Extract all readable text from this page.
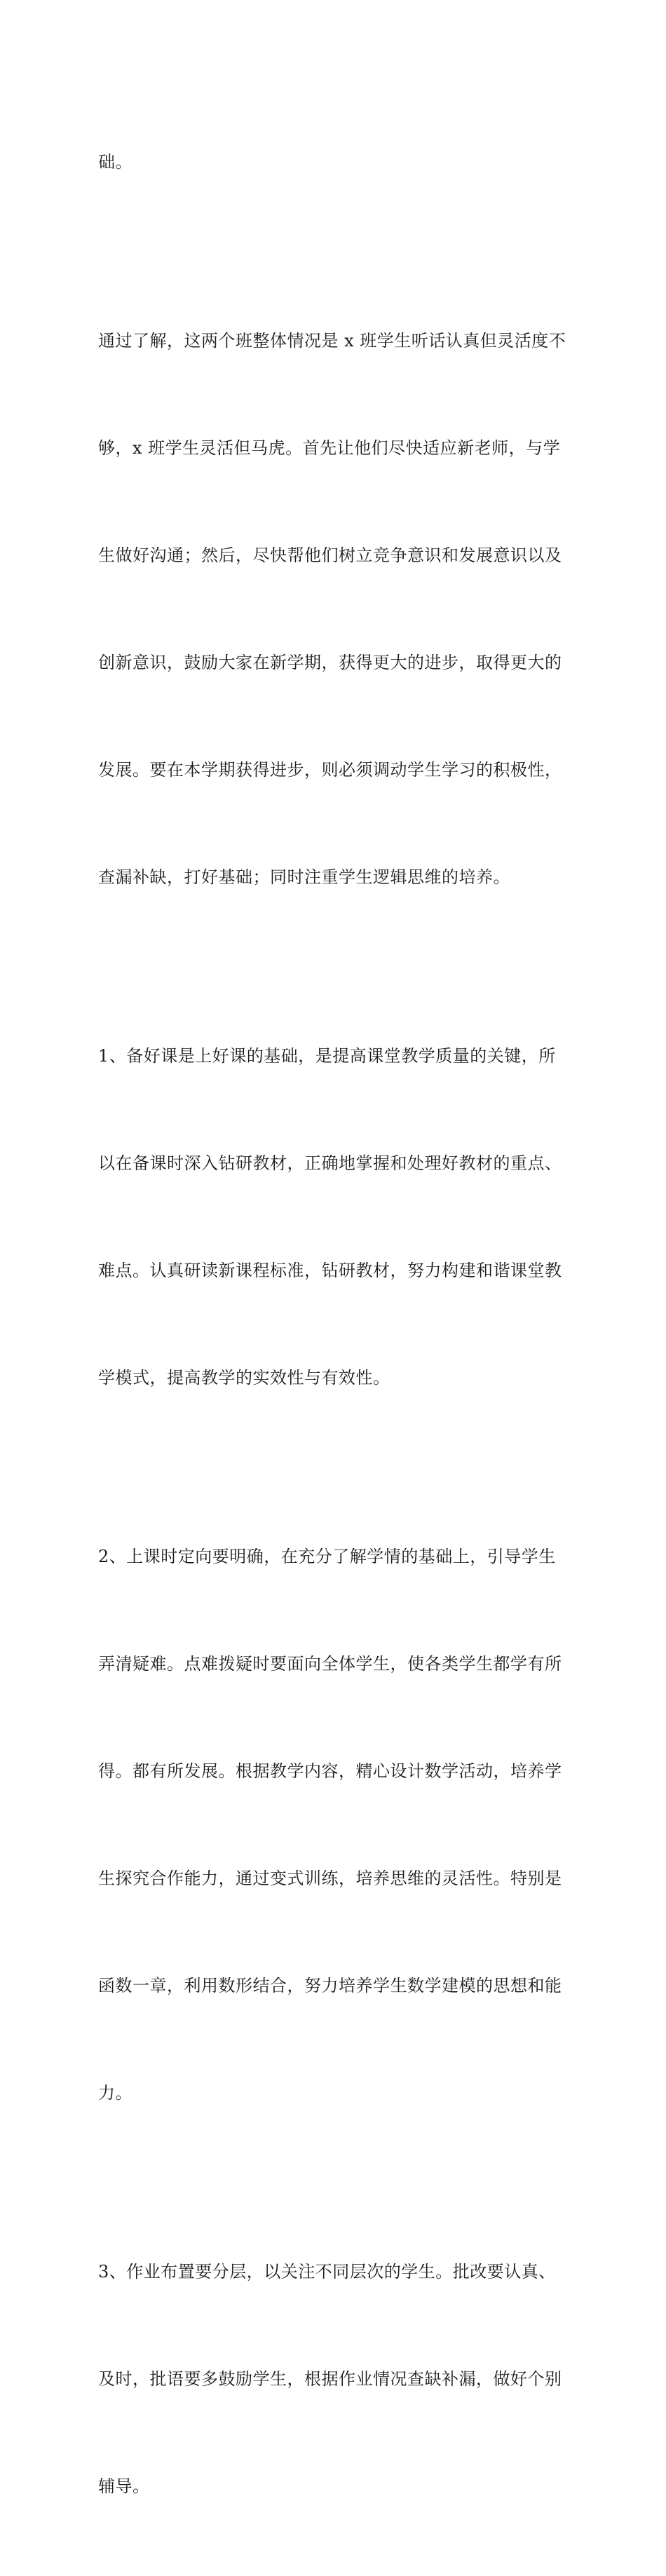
础。

通过了解，这两个班整体情况是 x 班学生听话认真但灵活度不

够，x 班学生灵活但马虎。首先让他们尽快适应新老师，与学

生做好沟通；然后，尽快帮他们树立竞争意识和发展意识以及

创新意识，鼓励大家在新学期，获得更大的进步，取得更大的

发展。要在本学期获得进步，则必须调动学生学习的积极性，

查漏补缺，打好基础；同时注重学生逻辑思维的培养。

1、备好课是上好课的基础，是提高课堂教学质量的关键，所

以在备课时深入钻研教材，正确地掌握和处理好教材的重点、

难点。认真研读新课程标准，钻研教材，努力构建和谐课堂教

学模式，提高教学的实效性与有效性。

2、上课时定向要明确，在充分了解学情的基础上，引导学生

弄清疑难。点难拨疑时要面向全体学生，使各类学生都学有所

得。都有所发展。根据教学内容，精心设计数学活动，培养学

生探究合作能力，通过变式训练，培养思维的灵活性。特别是

函数一章，利用数形结合，努力培养学生数学建模的思想和能

力。

3、作业布置要分层，以关注不同层次的学生。批改要认真、

及时，批语要多鼓励学生，根据作业情况查缺补漏，做好个别

辅导。
